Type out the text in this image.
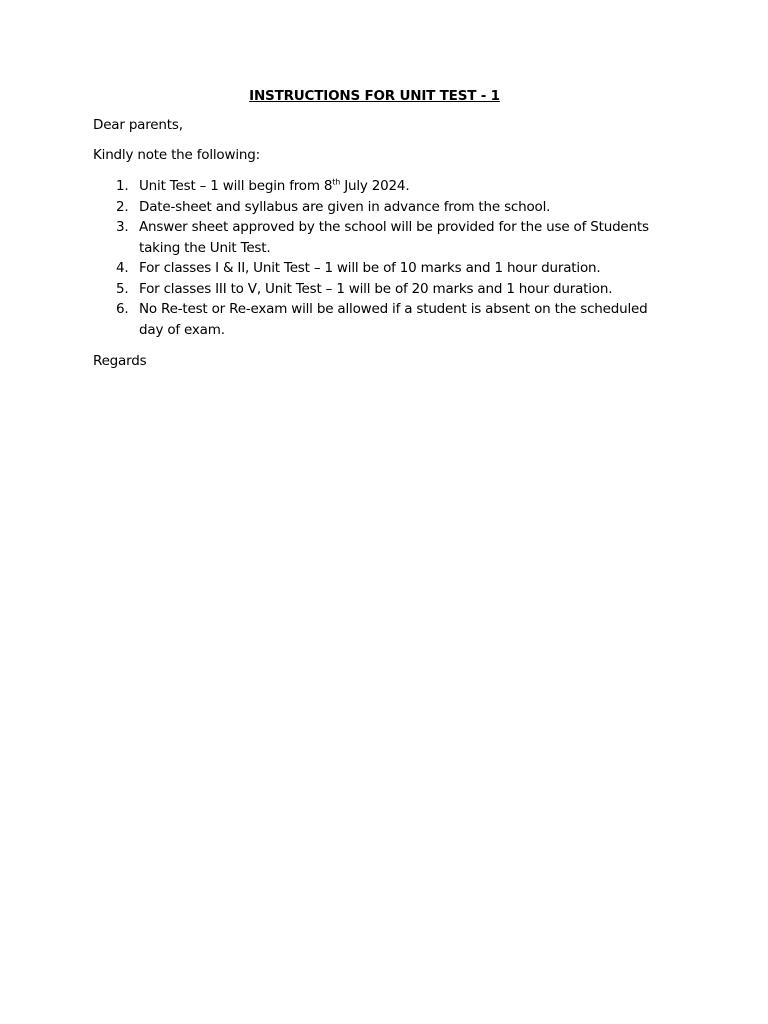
INSTRUCTIONS FOR UNIT TEST - 1
Dear parents,
Kindly note the following:
1. Unit Test – 1 will begin from 8th July 2024.
2. Date-sheet and syllabus are given in advance from the school.
3. Answer sheet approved by the school will be provided for the use of Students taking the Unit Test.
4. For classes I & II, Unit Test – 1 will be of 10 marks and 1 hour duration.
5. For classes III to V, Unit Test – 1 will be of 20 marks and 1 hour duration.
6. No Re-test or Re-exam will be allowed if a student is absent on the scheduled day of exam.
Regards
